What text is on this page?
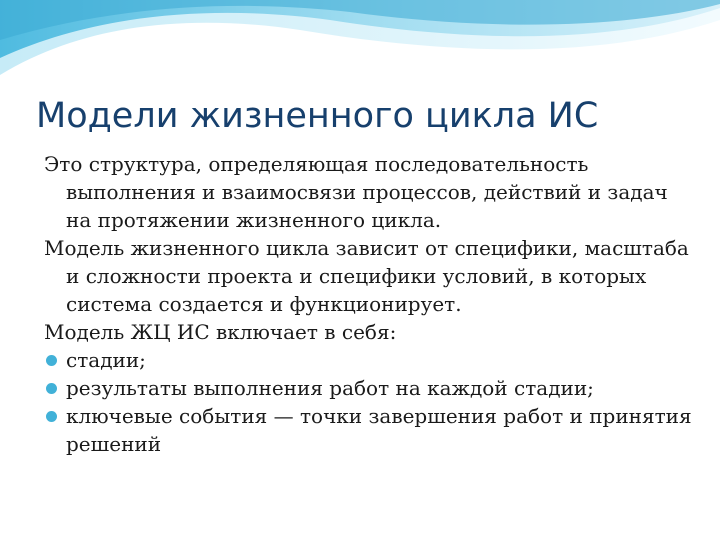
Модели жизненного цикла ИС

Это структура, определяющая последовательность выполнения и взаимосвязи процессов, действий и задач на протяжении жизненного цикла.

Модель жизненного цикла зависит от специфики, масштаба и сложности проекта и специфики условий, в которых система создается и функционирует.

Модель ЖЦ ИС включает в себя:

стадии;
результаты выполнения работ на каждой стадии;
ключевые события — точки завершения работ и принятия решений
